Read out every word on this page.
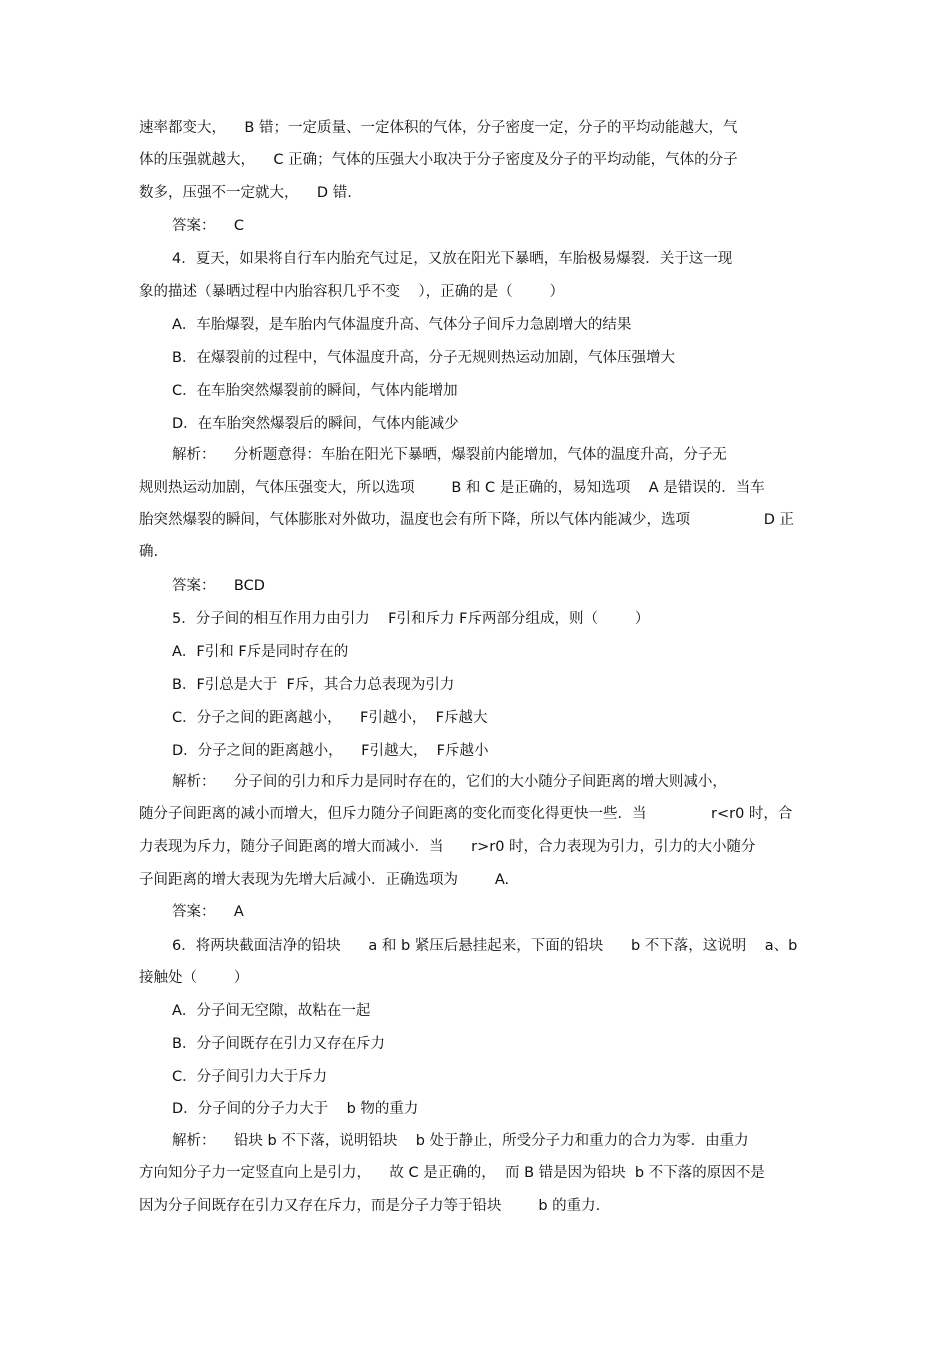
速率都变大，    B 错；一定质量、一定体积的气体，分子密度一定，分子的平均动能越大，气
体的压强就越大，    C 正确；气体的压强大小取决于分子密度及分子的平均动能，气体的分子
数多，压强不一定就大，    D 错.
答案：    C
4．夏天，如果将自行车内胎充气过足，又放在阳光下暴晒，车胎极易爆裂．关于这一现
象的描述（暴晒过程中内胎容积几乎不变    ），正确的是（        ）
A．车胎爆裂，是车胎内气体温度升高、气体分子间斥力急剧增大的结果
B．在爆裂前的过程中，气体温度升高，分子无规则热运动加剧，气体压强增大
C．在车胎突然爆裂前的瞬间，气体内能增加
D．在车胎突然爆裂后的瞬间，气体内能减少
解析：    分析题意得：车胎在阳光下暴晒，爆裂前内能增加，气体的温度升高，分子无
规则热运动加剧，气体压强变大，所以选项        B 和 C 是正确的，易知选项    A 是错误的．当车
胎突然爆裂的瞬间，气体膨胀对外做功，温度也会有所下降，所以气体内能减少，选项                D 正
确.
答案：    BCD
5．分子间的相互作用力由引力    F引和斥力 F斥两部分组成，则（        ）
A．F引和 F斥是同时存在的
B．F引总是大于  F斥，其合力总表现为引力
C．分子之间的距离越小，    F引越小，  F斥越大
D．分子之间的距离越小，    F引越大，  F斥越小
解析：    分子间的引力和斥力是同时存在的，它们的大小随分子间距离的增大则减小，
随分子间距离的减小而增大，但斥力随分子间距离的变化而变化得更快一些．当              r<r0 时，合
力表现为斥力，随分子间距离的增大而减小．当      r>r0 时，合力表现为引力，引力的大小随分
子间距离的增大表现为先增大后减小．正确选项为        A.
答案：    A
6．将两块截面洁净的铅块      a 和 b 紧压后悬挂起来，下面的铅块      b 不下落，这说明    a、b
接触处（        ）
A．分子间无空隙，故粘在一起
B．分子间既存在引力又存在斥力
C．分子间引力大于斥力
D．分子间的分子力大于    b 物的重力
解析：    铅块 b 不下落，说明铅块    b 处于静止，所受分子力和重力的合力为零．由重力
方向知分子力一定竖直向上是引力，    故 C 是正确的，  而 B 错是因为铅块  b 不下落的原因不是
因为分子间既存在引力又存在斥力，而是分子力等于铅块        b 的重力.
